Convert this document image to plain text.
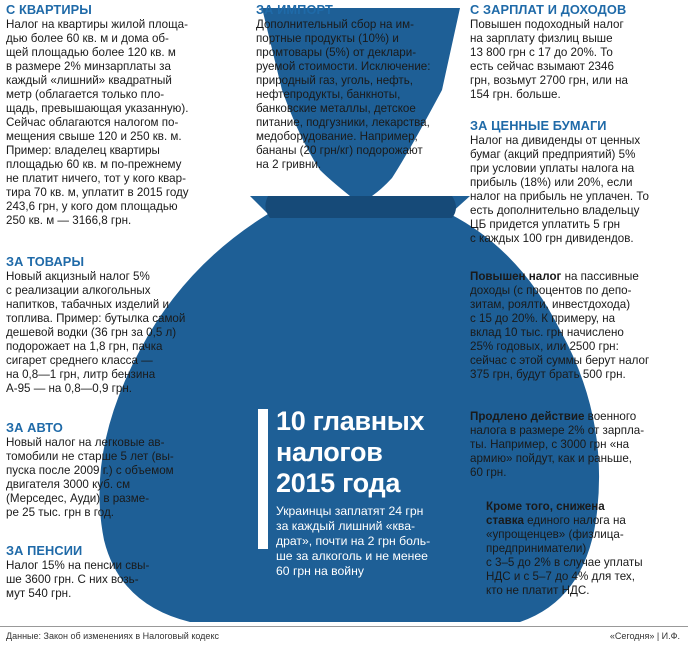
С КВАРТИРЫ

Налог на квартиры жилой площа-
дью более 60 кв. м и дома об-
щей площадью более 120 кв. м
в размере 2% минзарплаты за
каждый «лишний» квадратный
метр (облагается только пло-
щадь, превышающая указанную).
Сейчас облагаются налогом по-
мещения свыше 120 и 250 кв. м.
Пример: владелец квартиры
площадью 60 кв. м по-прежнему
не платит ничего, тот у кого квар-
тира 70 кв. м, уплатит в 2015 году
243,6 грн, у кого дом площадью
250 кв. м — 3166,8 грн.

ЗА ТОВАРЫ

Новый акцизный налог 5%
с реализации алкогольных
напитков, табачных изделий и
топлива. Пример: бутылка самой
дешевой водки (36 грн за 0,5 л)
подорожает на 1,8 грн, пачка
сигарет среднего класса —
на 0,8—1 грн, литр бензина
А-95 — на 0,8—0,9 грн.

ЗА АВТО

Новый налог на легковые ав-
томобили не старше 5 лет (вы-
пуска после 2009 г.) с объемом
двигателя 3000 куб. см
(Мерседес, Ауди) в разме-
ре 25 тыс. грн в год.

ЗА ПЕНСИИ

Налог 15% на пенсии свы-
ше 3600 грн. С них возь-
мут 540 грн.

ЗА ИМПОРТ

Дополнительный сбор на им-
портные продукты (10%) и
промтовары (5%) от деклари-
руемой стоимости. Исключение:
природный газ, уголь, нефть,
нефтепродукты, банкноты,
банковские металлы, детское
питание, подгузники, лекарства,
медоборудование. Например,
бананы (20 грн/кг) подорожают
на 2 гривни.

С ЗАРПЛАТ И ДОХОДОВ

Повышен подоходный налог
на зарплату физлиц выше
13 800 грн с 17 до 20%. То
есть сейчас взымают 2346
грн, возьмут 2700 грн, или на
154 грн. больше.

ЗА ЦЕННЫЕ БУМАГИ

Налог на дивиденды от ценных
бумаг (акций предприятий) 5%
при условии уплаты налога на
прибыль (18%) или 20%, если
налог на прибыль не уплачен. То
есть дополнительно владельцу
ЦБ придется уплатить 5 грн
с каждых 100 грн дивидендов.

Повышен налог на пассивные
доходы (с процентов по депо-
зитам, роялти, инвестдохода)
с 15 до 20%. К примеру, на
вклад 10 тыс. грн начислено
25% годовых, или 2500 грн:
сейчас с этой суммы берут налог
375 грн, будут брать 500 грн.

Продлено действие военного
налога в размере 2% от зарпла-
ты. Например, с 3000 грн «на
армию» пойдут, как и раньше,
60 грн.

Кроме того, снижена
ставка единого налога на
«упрощенцев» (физлица-
предприниматели)
с 3–5 до 2% в случае уплаты
НДС и с 5–7 до 4% для тех,
кто не платит НДС.

10 главных
налогов
2015 года
Украинцы заплатят 24 грн
за каждый лишний «ква-
драт», почти на 2 грн боль-
ше за алкоголь и не менее
60 грн на войну
Данные: Закон об изменениях в Налоговый кодекс	«Сегодня» | И.Ф.
